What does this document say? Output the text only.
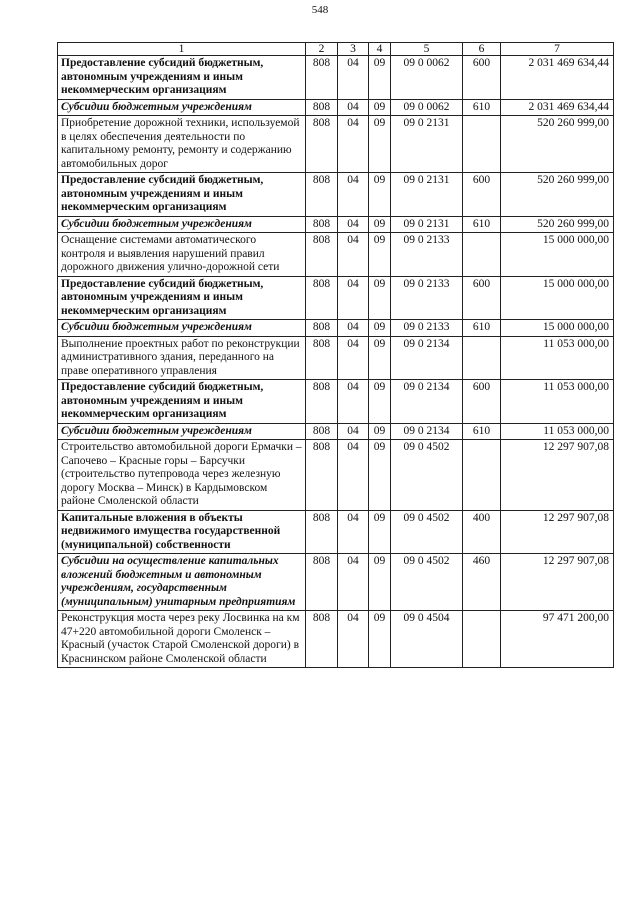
548
1	2	3	4	5	6	7
Предоставление субсидий бюджетным, автономным учреждениям и иным некоммерческим организациям	808	04	09	09 0 0062	600	2 031 469 634,44
Субсидии бюджетным учреждениям	808	04	09	09 0 0062	610	2 031 469 634,44
Приобретение дорожной техники, используемой в целях обеспечения деятельности по капитальному ремонту, ремонту и содержанию автомобильных дорог	808	04	09	09 0 2131		520 260 999,00
Предоставление субсидий бюджетным, автономным учреждениям и иным некоммерческим организациям	808	04	09	09 0 2131	600	520 260 999,00
Субсидии бюджетным учреждениям	808	04	09	09 0 2131	610	520 260 999,00
Оснащение системами автоматического контроля и выявления нарушений правил дорожного движения улично-дорожной сети	808	04	09	09 0 2133		15 000 000,00
Предоставление субсидий бюджетным, автономным учреждениям и иным некоммерческим организациям	808	04	09	09 0 2133	600	15 000 000,00
Субсидии бюджетным учреждениям	808	04	09	09 0 2133	610	15 000 000,00
Выполнение проектных работ по реконструкции административного здания, переданного на праве оперативного управления	808	04	09	09 0 2134		11 053 000,00
Предоставление субсидий бюджетным, автономным учреждениям и иным некоммерческим организациям	808	04	09	09 0 2134	600	11 053 000,00
Субсидии бюджетным учреждениям	808	04	09	09 0 2134	610	11 053 000,00
Строительство автомобильной дороги Ермачки – Сапочево – Красные горы – Барсучки (строительство путепровода через железную дорогу Москва – Минск) в Кардымовском районе Смоленской области	808	04	09	09 0 4502		12 297 907,08
Капитальные вложения в объекты недвижимого имущества государственной (муниципальной) собственности	808	04	09	09 0 4502	400	12 297 907,08
Субсидии на осуществление капитальных вложений бюджетным и автономным учреждениям, государственным (муниципальным) унитарным предприятиям	808	04	09	09 0 4502	460	12 297 907,08
Реконструкция моста через реку Лосвинка на км 47+220 автомобильной дороги Смоленск – Красный (участок Старой Смоленской дороги) в Краснинском районе Смоленской области	808	04	09	09 0 4504		97 471 200,00
